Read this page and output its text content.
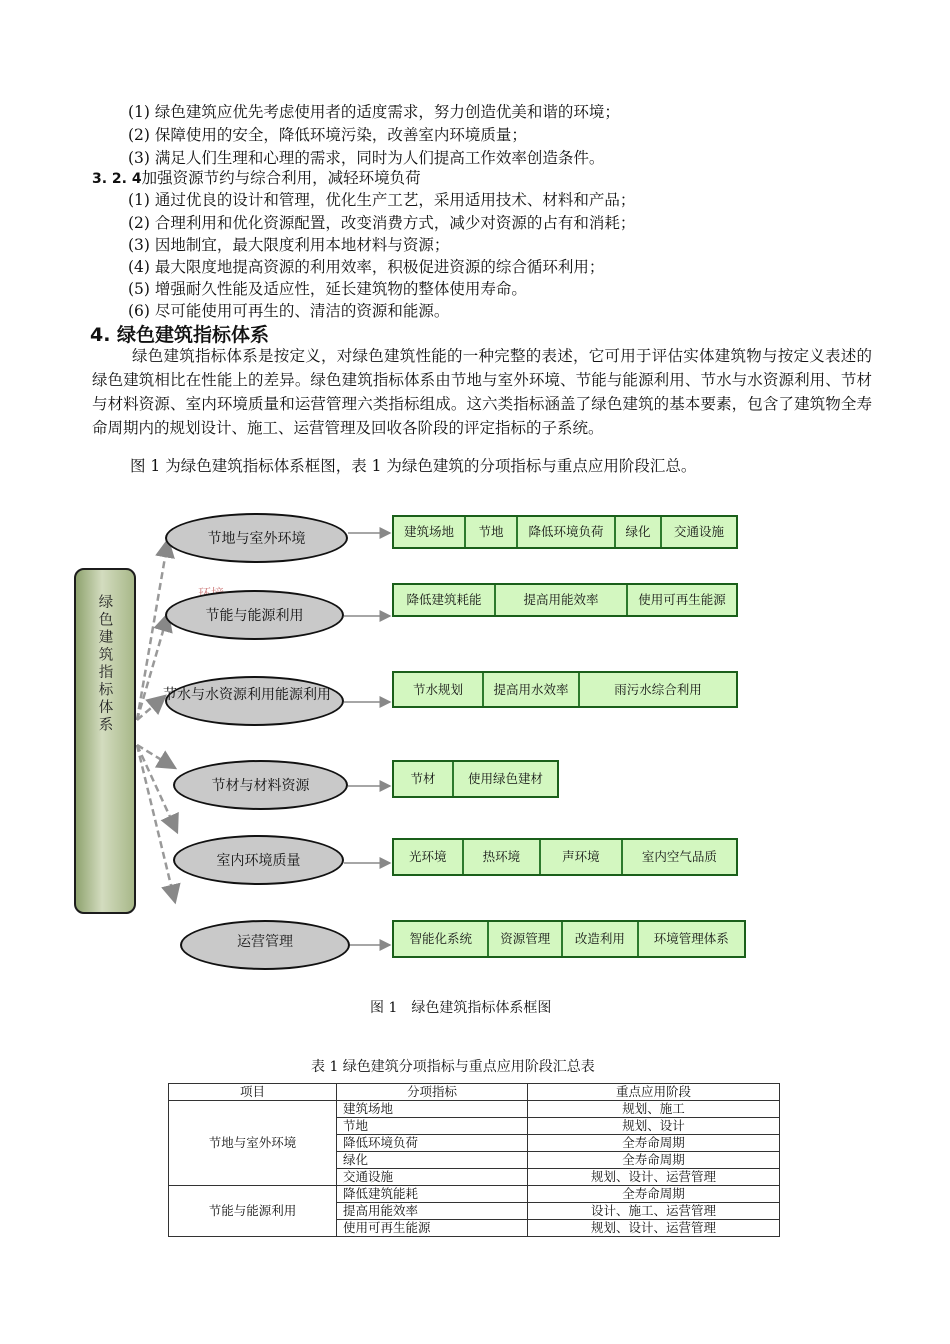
(1) 绿色建筑应优先考虑使用者的适度需求，努力创造优美和谐的环境；
(2) 保障使用的安全，降低环境污染，改善室内环境质量；
(3) 满足人们生理和心理的需求，同时为人们提高工作效率创造条件。
3. 2. 4加强资源节约与综合利用，减轻环境负荷
(1) 通过优良的设计和管理，优化生产工艺，采用适用技术、材料和产品；
(2) 合理利用和优化资源配置，改变消费方式，减少对资源的占有和消耗；
(3) 因地制宜，最大限度利用本地材料与资源；
(4) 最大限度地提高资源的利用效率，积极促进资源的综合循环利用；
(5) 增强耐久性能及适应性，延长建筑物的整体使用寿命。
(6) 尽可能使用可再生的、清洁的资源和能源。
4. 绿色建筑指标体系
绿色建筑指标体系是按定义，对绿色建筑性能的一种完整的表述，它可用于评估实体建筑物与按定义表述的绿色建筑相比在性能上的差异。绿色建筑指标体系由节地与室外环境、节能与能源利用、节水与水资源利用、节材与材料资源、室内环境质量和运营管理六类指标组成。这六类指标涵盖了绿色建筑的基本要素，包含了建筑物全寿命周期内的规划设计、施工、运营管理及回收各阶段的评定指标的子系统。
图 1 为绿色建筑指标体系框图，表 1 为绿色建筑的分项指标与重点应用阶段汇总。
绿色建筑指标体系
节地与室外环境
节能与能源利用
节水与水资源利用能源利用
节材与材料资源
室内环境质量
运营管理
建筑场地	节地	降低环境负荷	绿化	交通设施
降低建筑耗能	提高用能效率	使用可再生能源
节水规划	提高用水效率	雨污水综合利用
节材	使用绿色建材
光环境	热环境	声环境	室内空气品质
智能化系统	资源管理	改造利用	环境管理体系
图 1　绿色建筑指标体系框图
表 1 绿色建筑分项指标与重点应用阶段汇总表
项目	分项指标	重点应用阶段
节地与室外环境	建筑场地	规划、施工
	节地	规划、设计
	降低环境负荷	全寿命周期
	绿化	全寿命周期
	交通设施	规划、设计、运营管理
节能与能源利用	降低建筑能耗	全寿命周期
	提高用能效率	设计、施工、运营管理
	使用可再生能源	规划、设计、运营管理
